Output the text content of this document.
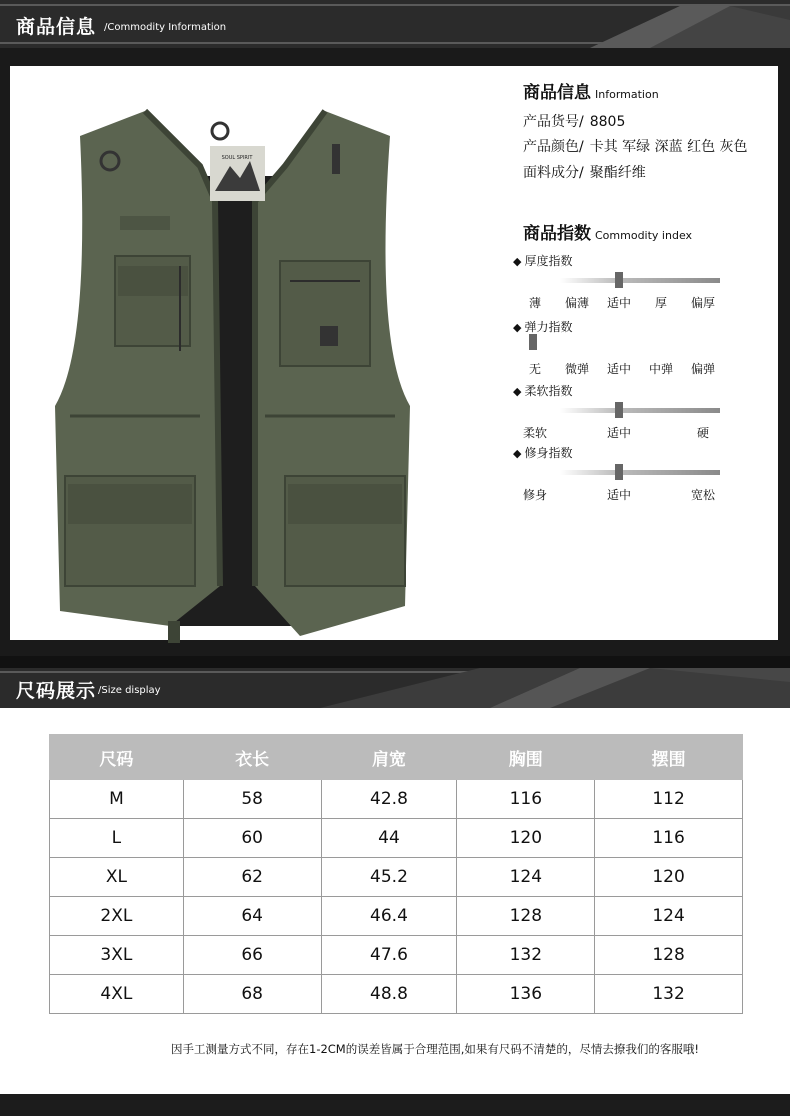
商品信息 /Commodity Information
SOUL SPIRIT
商品信息 Information
产品货号/ 8805
产品颜色/ 卡其 军绿 深蓝 红色 灰色
面料成分/ 聚酯纤维
商品指数 Commodity index
◆ 厚度指数
薄 偏薄 适中 厚 偏厚
◆ 弹力指数
无 微弹 适中 中弹 偏弹
◆ 柔软指数
柔软	适中	硬
◆ 修身指数
修身	适中	宽松
尺码展示 /Size display
尺码	衣长	肩宽	胸围	摆围
M	58	42.8	116	112
L	60	44	120	116
XL	62	45.2	124	120
2XL	64	46.4	128	124
3XL	66	47.6	132	128
4XL	68	48.8	136	132
因手工测量方式不同，存在1-2CM的误差皆属于合理范围,如果有尺码不清楚的，尽情去撩我们的客服哦!
